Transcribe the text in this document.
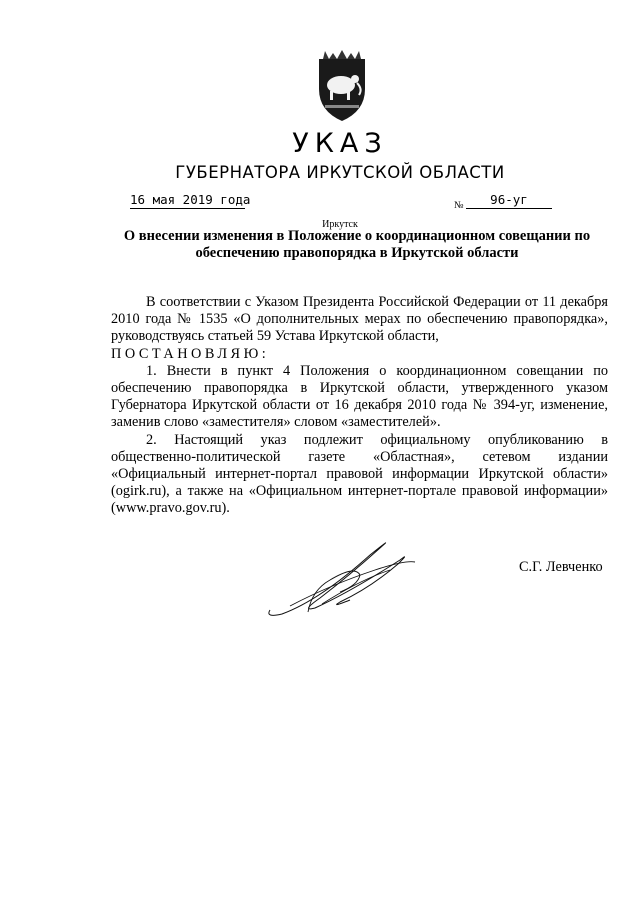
УКАЗ
ГУБЕРНАТОРА ИРКУТСКОЙ ОБЛАСТИ
16 мая 2019 года	№	96-уг
Иркутск
О внесении изменения в Положение о координационном совещании по обеспечению правопорядка в Иркутской области

В соответствии с Указом Президента Российской Федерации от 11 декабря 2010 года № 1535 «О дополнительных мерах по обеспечению правопорядка», руководствуясь статьей 59 Устава Иркутской области,

ПОСТАНОВЛЯЮ:

1. Внести в пункт 4 Положения о координационном совещании по обеспечению правопорядка в Иркутской области, утвержденного указом Губернатора Иркутской области от 16 декабря 2010 года № 394-уг, изменение, заменив слово «заместителя» словом «заместителей».

2. Настоящий указ подлежит официальному опубликованию в общественно-политической газете «Областная», сетевом издании «Официальный интернет-портал правовой информации Иркутской области» (ogirk.ru), а также на «Официальном интернет-портале правовой информации» (www.pravo.gov.ru).

С.Г. Левченко
